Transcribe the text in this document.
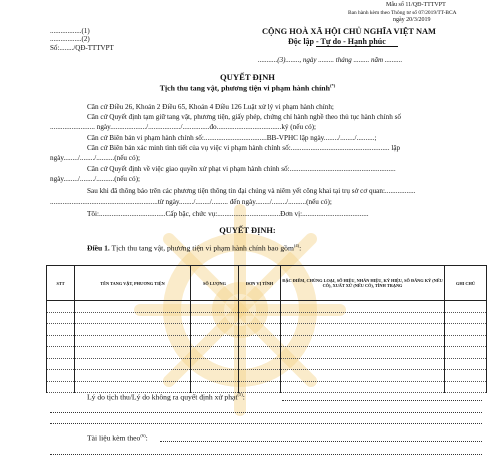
Mẫu số 11/QĐ-TTTVPT
Ban hành kèm theo Thông tư số 07/2019/TT-BCA
ngày 20/3/2019
..................(1)
..................(2)
Số:......../QĐ-TTTVPT
CỘNG HOÀ XÃ HỘI CHỦ NGHĨA VIỆT NAM
Độc lập - Tự do - Hạnh phúc
...........(3)........, ngày ......... tháng ......... năm ..........
QUYẾT ĐỊNH
Tịch thu tang vật, phương tiện vi phạm hành chính(*)
Căn cứ Điều 26, Khoản 2 Điều 65, Khoản 4 Điều 126 Luật xử lý vi phạm hành chính;
Căn cứ Quyết định tạm giữ tang vật, phương tiện, giấy phép, chứng chỉ hành nghề theo thủ tục hành chính số
......................... ngày..................../................../...............đo....................................ký (nếu có);
Căn cứ Biên bản vi phạm hành chính số:...................................BB-VPHC lập ngày......../......../..........;
Căn cứ Biên bản xác minh tình tiết của vụ việc vi phạm hành chính số:....................................................... lập
ngày......../......../..........(nếu có);
Căn cứ Quyết định về việc giao quyền xử phạt vi phạm hành chính số:...........................................................
ngày......../......../..........(nếu có);
Sau khi đã thông báo trên các phương tiện thông tin đại chúng và niêm yết công khai tại trụ sở cơ quan:.................
............................................................từ ngày......../......../......... đến ngày......../......../..........(nếu có);
Tôi:.....................................Cấp bậc, chức vụ:...................................Đơn vị:.....................................
QUYẾT ĐỊNH:
Điều 1. Tịch thu tang vật, phương tiện vi phạm hành chính bao gồm$^{(4)}$:
STT	TÊN TANG VẬT, PHƯƠNG TIỆN	SỐ LƯỢNG	ĐƠN VỊ TÍNH	ĐẶC ĐIỂM, CHỦNG LOẠI, SỐ HIỆU, NHÃN HIỆU, KÝ HIỆU, SỐ ĐĂNG KÝ (NẾU CÓ), XUẤT XỨ (NẾU CÓ), TÌNH TRẠNG	GHI CHÚ

Lý do tịch thu/Lý do không ra quyết định xử phạt$^{(5)}$:
Tài liệu kèm theo$^{(6)}$:
